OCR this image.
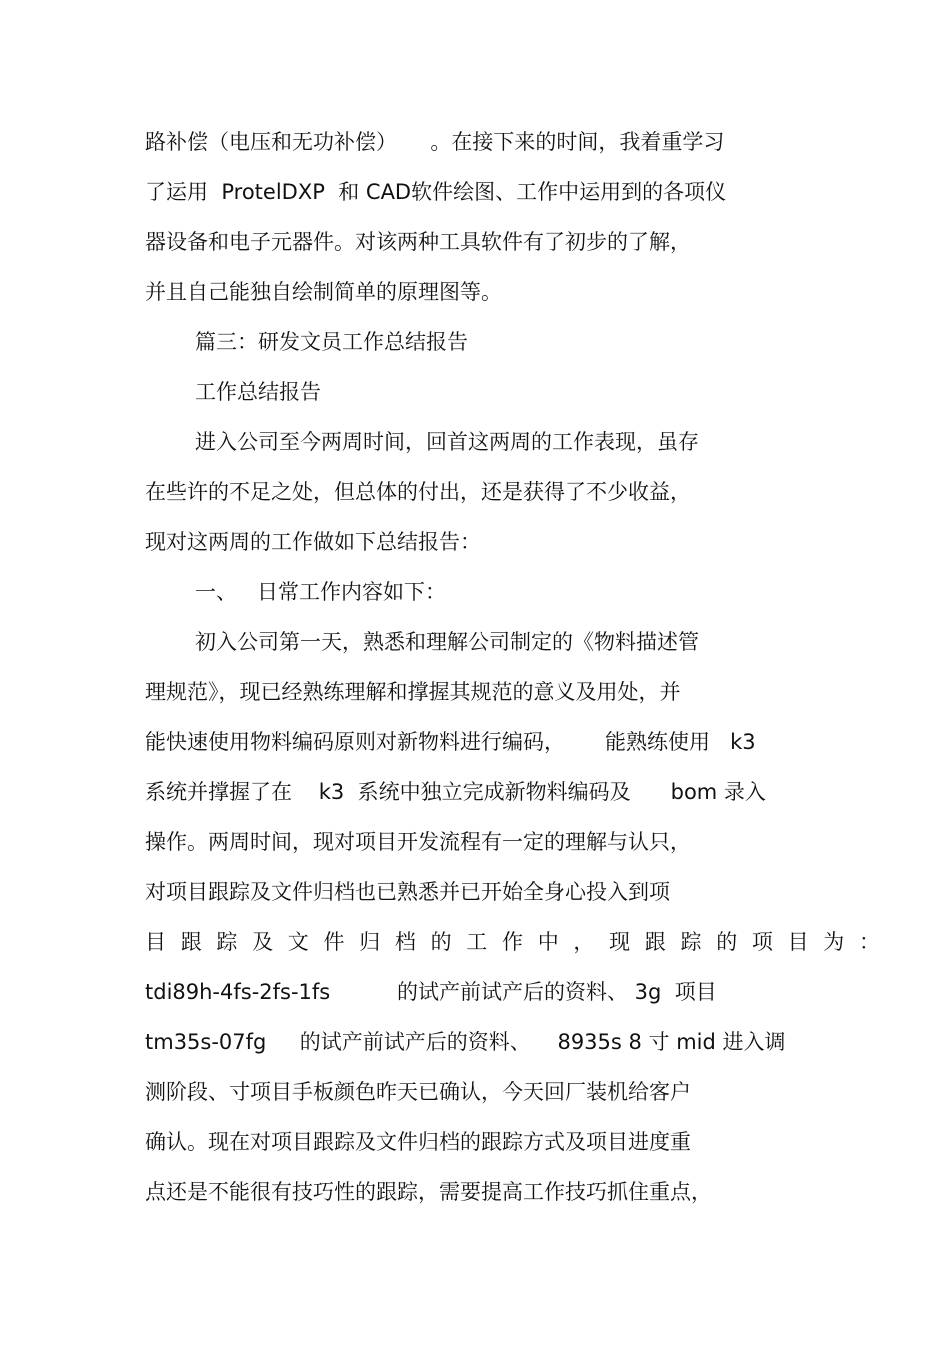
路补偿（电压和无功补偿）     。在接下来的时间，我着重学习
了运用  ProtelDXP  和 CAD软件绘图、工作中运用到的各项仪
器设备和电子元器件。对该两种工具软件有了初步的了解，
并且自己能独自绘制简单的原理图等。
篇三：研发文员工作总结报告
工作总结报告
进入公司至今两周时间，回首这两周的工作表现，虽存
在些许的不足之处，但总体的付出，还是获得了不少收益，
现对这两周的工作做如下总结报告：
一、   日常工作内容如下：
初入公司第一天，熟悉和理解公司制定的《物料描述管
理规范》，现已经熟练理解和撑握其规范的意义及用处，并
能快速使用物料编码原则对新物料进行编码，      能熟练使用   k3
系统并撑握了在    k3  系统中独立完成新物料编码及      bom 录入
操作。两周时间，现对项目开发流程有一定的理解与认只，
对项目跟踪及文件归档也已熟悉并已开始全身心投入到项
目跟踪及文件归档的工作中，现跟踪的项目为：
tdi89h-4fs-2fs-1fs          的试产前试产后的资料、 3g  项目
tm35s-07fg     的试产前试产后的资料、    8935s 8 寸 mid 进入调
测阶段、寸项目手板颜色昨天已确认，今天回厂装机给客户
确认。现在对项目跟踪及文件归档的跟踪方式及项目进度重
点还是不能很有技巧性的跟踪，需要提高工作技巧抓住重点，
